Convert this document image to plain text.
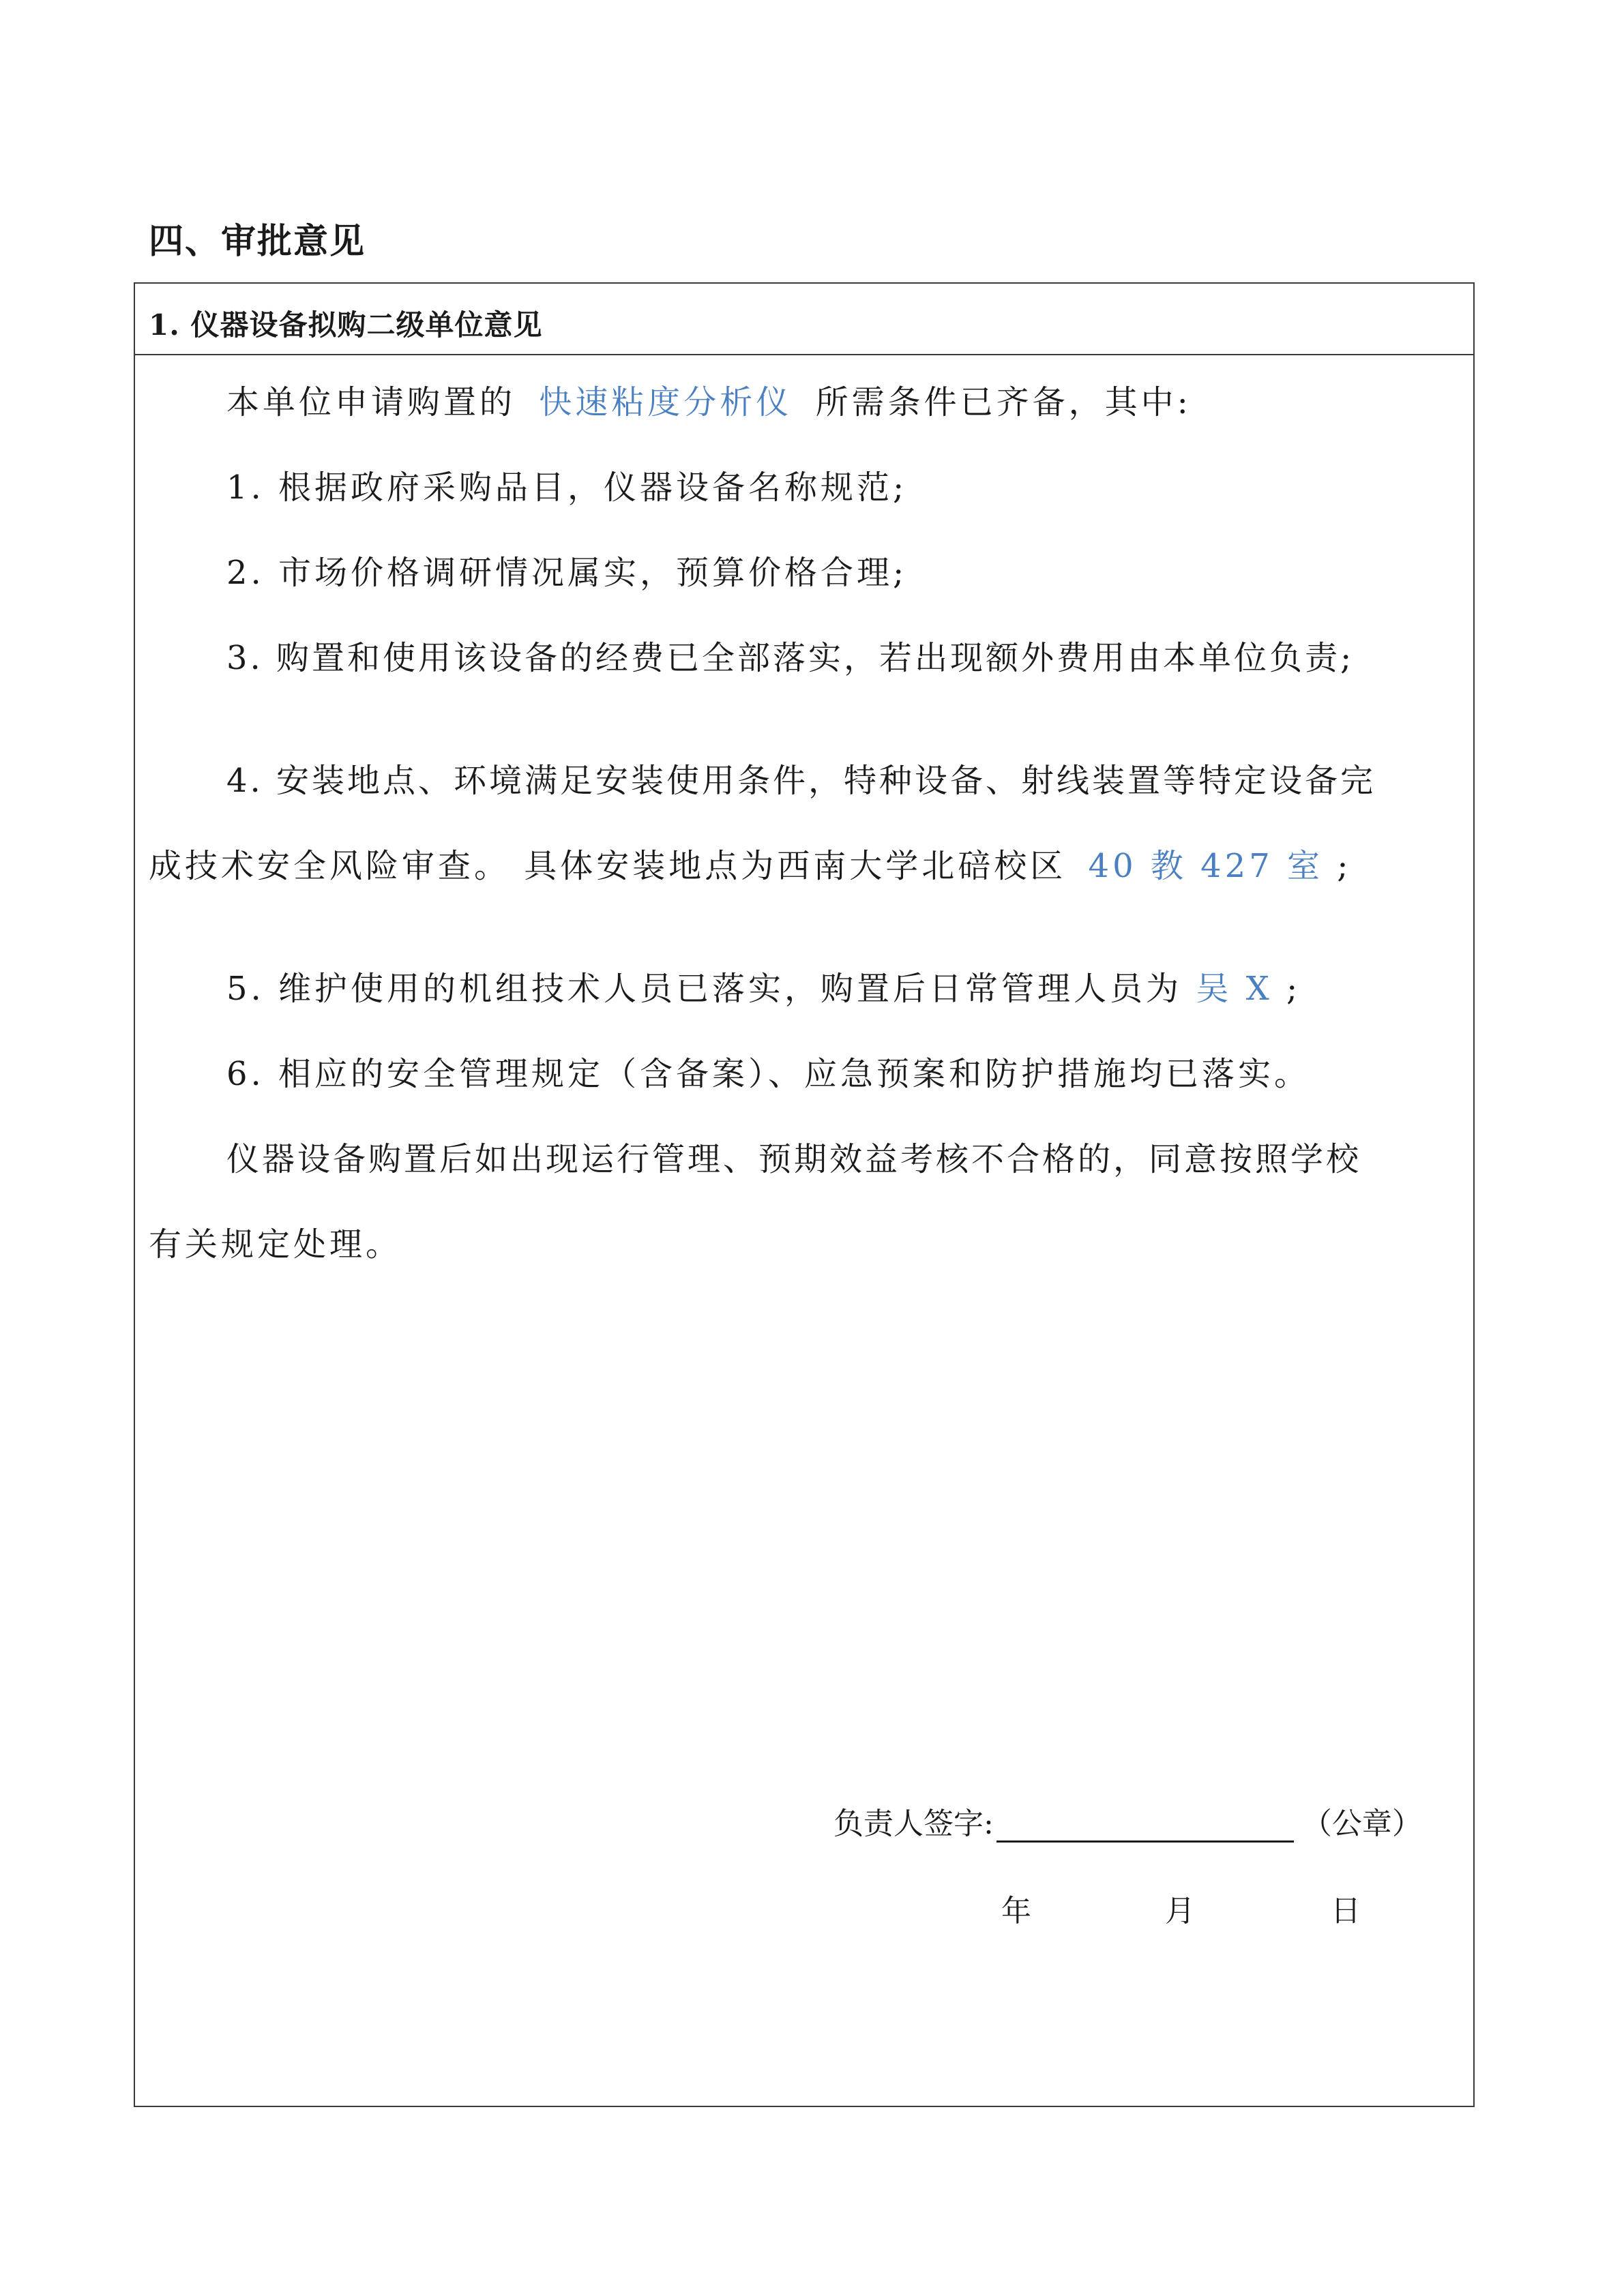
四、审批意见
1. 仪器设备拟购二级单位意见
本单位申请购置的 快速粘度分析仪 所需条件已齐备，其中:
1. 根据政府采购品目，仪器设备名称规范;
2. 市场价格调研情况属实，预算价格合理;
3. 购置和使用该设备的经费已全部落实，若出现额外费用由本单位负责;
4. 安装地点、环境满足安装使用条件，特种设备、射线装置等特定设备完
成技术安全风险审查。 具体安装地点为西南大学北碚校区 40 教 427 室 ;
5. 维护使用的机组技术人员已落实，购置后日常管理人员为 吴 X ;
6. 相应的安全管理规定（含备案）、应急预案和防护措施均已落实。
仪器设备购置后如出现运行管理、预期效益考核不合格的，同意按照学校
有关规定处理。
负责人签字:	（公章）
年	月	日
